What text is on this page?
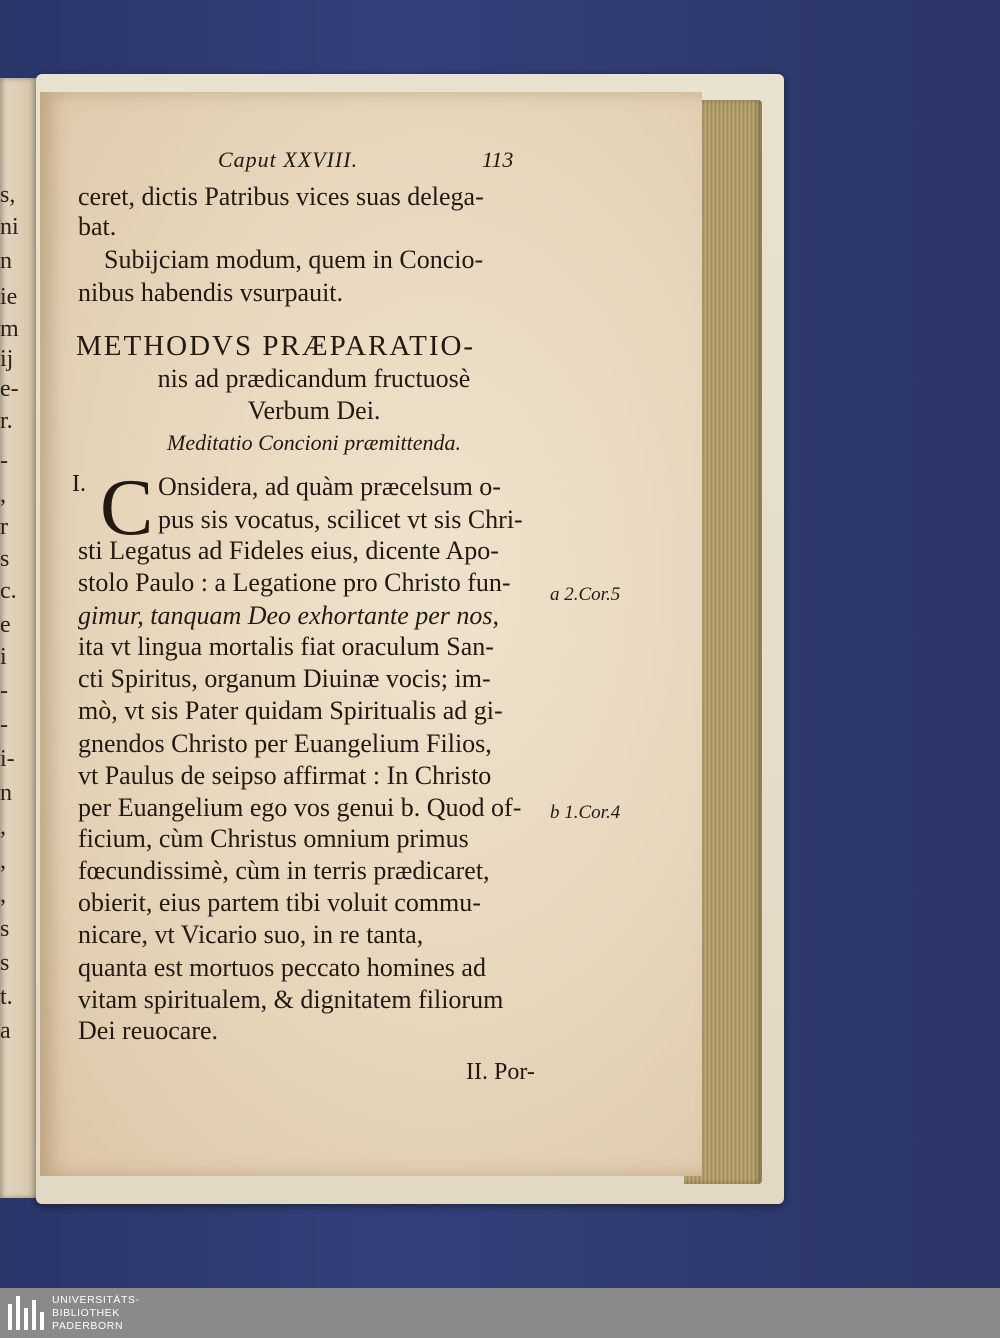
s,
ni
n
ie
m
ij
e-
r.
-
,
r
s
c.
e
i
-
-
i-
n
,
,
,
s
s
t.
a
Caput XXVIII.	113
ceret, dictis Patribus vices suas delega-
bat.
Subijciam modum, quem in Concio-
nibus habendis vsurpauit.
METHODVS PRÆPARATIO-
nis ad prædicandum fructuosè
Verbum Dei.
Meditatio Concioni præmittenda.
I. C Onsidera, ad quàm præcelsum o-
pus sis vocatus, scilicet vt sis Chri-
sti Legatus ad Fideles eius, dicente Apo-
stolo Paulo : a Legatione pro Christo fun-
gimur, tanquam Deo exhortante per nos,
ita vt lingua mortalis fiat oraculum San-
cti Spiritus, organum Diuinæ vocis; im-
mò, vt sis Pater quidam Spiritualis ad gi-
gnendos Christo per Euangelium Filios,
vt Paulus de seipso affirmat : In Christo
per Euangelium ego vos genui b. Quod of-
ficium, cùm Christus omnium primus
fœcundissimè, cùm in terris prædicaret,
obierit, eius partem tibi voluit commu-
nicare, vt Vicario suo, in re tanta,
quanta est mortuos peccato homines ad
vitam spiritualem, & dignitatem filiorum
Dei reuocare.
II. Por-
a 2.Cor.5
b 1.Cor.4
UNIVERSITÄTS-
BIBLIOTHEK
PADERBORN
